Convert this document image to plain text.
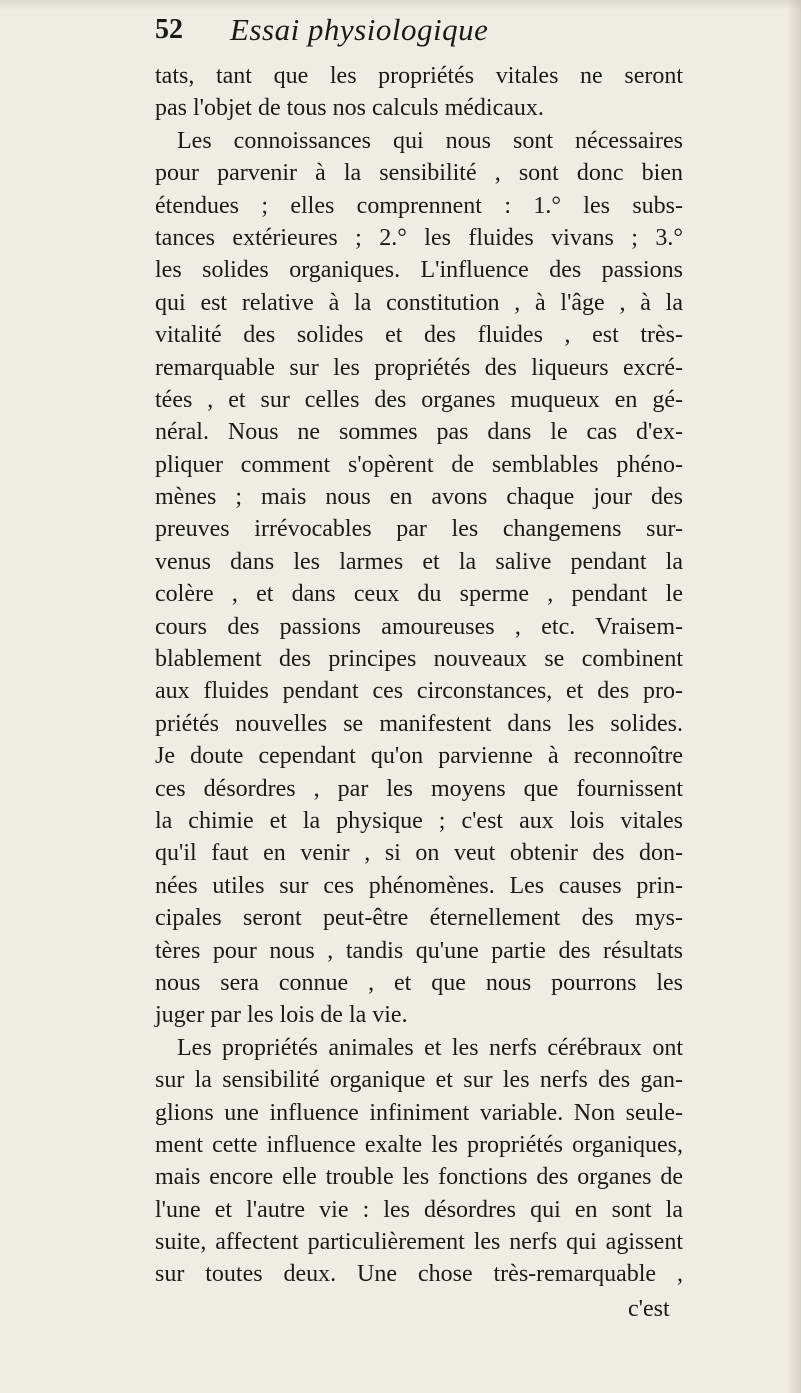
52 Essai physiologique
tats, tant que les propriétés vitales ne seront
pas l'objet de tous nos calculs médicaux.
Les connoissances qui nous sont nécessaires
pour parvenir à la sensibilité , sont donc bien
étendues ; elles comprennent : 1.° les subs-
tances extérieures ; 2.° les fluides vivans ; 3.°
les solides organiques. L'influence des passions
qui est relative à la constitution , à l'âge , à la
vitalité des solides et des fluides , est très-
remarquable sur les propriétés des liqueurs excré-
tées , et sur celles des organes muqueux en gé-
néral. Nous ne sommes pas dans le cas d'ex-
pliquer comment s'opèrent de semblables phéno-
mènes ; mais nous en avons chaque jour des
preuves irrévocables par les changemens sur-
venus dans les larmes et la salive pendant la
colère , et dans ceux du sperme , pendant le
cours des passions amoureuses , etc. Vraisem-
blablement des principes nouveaux se combinent
aux fluides pendant ces circonstances, et des pro-
priétés nouvelles se manifestent dans les solides.
Je doute cependant qu'on parvienne à reconnoître
ces désordres , par les moyens que fournissent
la chimie et la physique ; c'est aux lois vitales
qu'il faut en venir , si on veut obtenir des don-
nées utiles sur ces phénomènes. Les causes prin-
cipales seront peut-être éternellement des mys-
tères pour nous , tandis qu'une partie des résultats
nous sera connue , et que nous pourrons les
juger par les lois de la vie.
Les propriétés animales et les nerfs cérébraux ont
sur la sensibilité organique et sur les nerfs des gan-
glions une influence infiniment variable. Non seule-
ment cette influence exalte les propriétés organiques,
mais encore elle trouble les fonctions des organes de
l'une et l'autre vie : les désordres qui en sont la
suite, affectent particulièrement les nerfs qui agissent
sur toutes deux. Une chose très-remarquable ,
c'est
